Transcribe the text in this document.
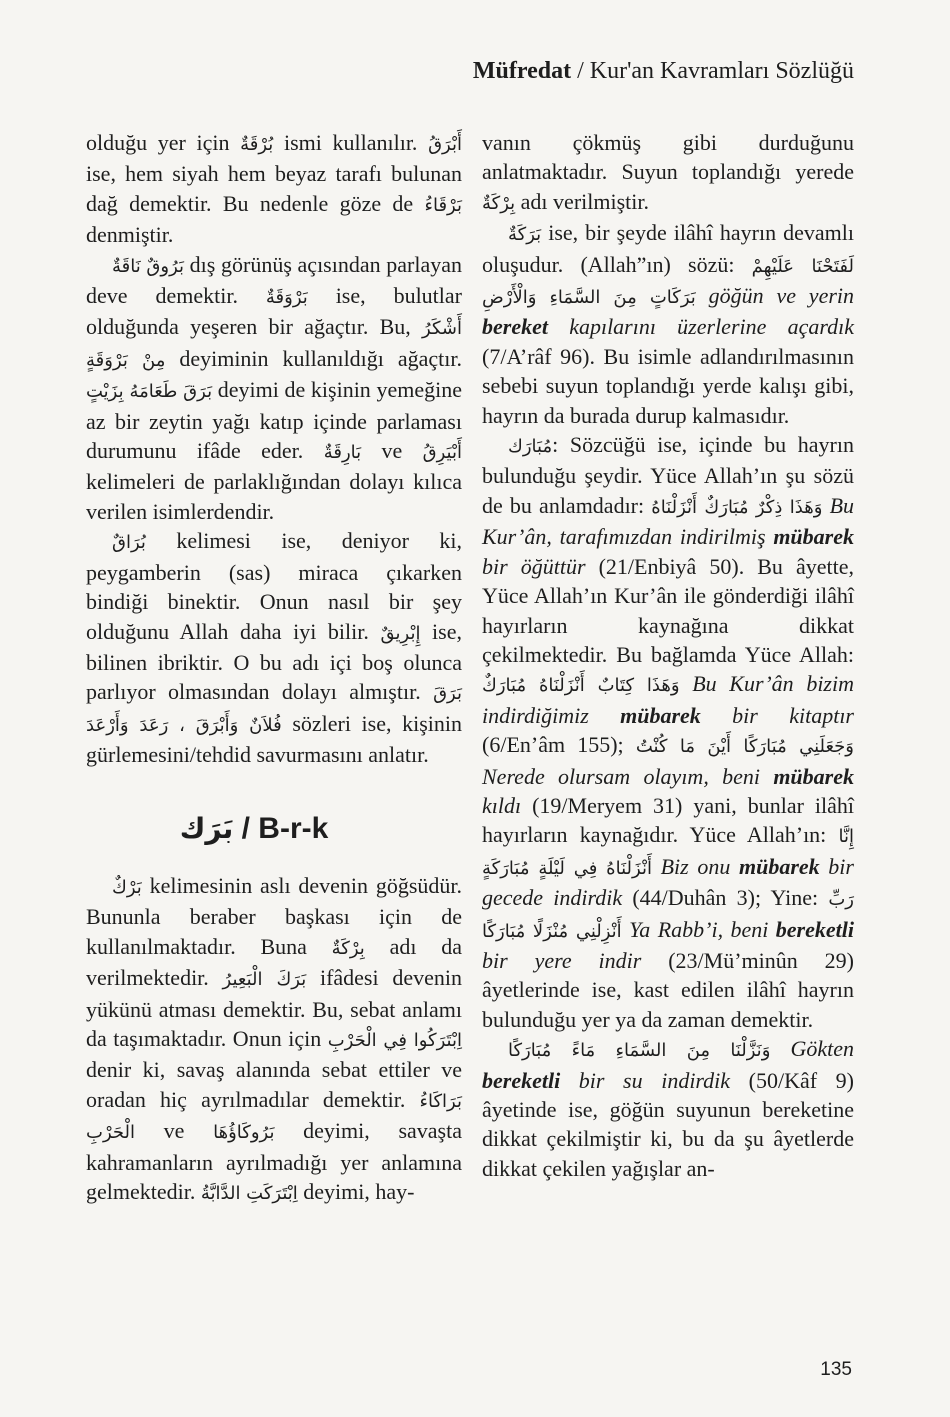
Müfredat / Kur'an Kavramları Sözlüğü

olduğu yer için بُرْقَةٌ ismi kullanılır. أَبْرَقُ ise, hem siyah hem beyaz tarafı bulunan dağ demektir. Bu nedenle göze de بَرْقَاءُ denmiştir.

نَاقَةٌ بَرُوقٌ dış görünüş açısından parlayan deve demektir. بَرْوَقَةٌ ise, bulutlar olduğunda yeşeren bir ağaçtır. Bu, أَشْكَرُ مِنْ بَرْوَقَةٍ deyiminin kullanıldığı ağaçtır. بَرَقَ طَعَامَهُ بِزَيْتٍ deyimi de kişinin yemeğine az bir zeytin yağı katıp içinde parlaması durumunu ifâde eder. بَارِقَةٌ ve أَبْيَرِقُ kelimeleri de parlaklığından dolayı kılıca verilen isimlerdendir.

بُرَاقٌ kelimesi ise, deniyor ki, peygamberin (sas) miraca çıkarken bindiği binektir. Onun nasıl bir şey olduğunu Allah daha iyi bilir. إِبْرِيقٌ ise, bilinen ibriktir. O bu adı içi boş olunca parlıyor olmasından dolayı almıştır. بَرَقَ فُلاَنٌ وَأَبْرَقَ ، رَعَدَ وَأَرْعَدَ sözleri ise, kişinin gürlemesini/tehdid savurmasını anlatır.

بَرَك / B-r-k

بَرْكٌ kelimesinin aslı devenin göğsüdür. Bununla beraber başkası için de kullanılmaktadır. Buna بِرْكَةٌ adı da verilmektedir. بَرَكَ الْبَعِيرُ ifâdesi devenin yükünü atması demektir. Bu, sebat anlamı da taşımaktadır. Onun için اِبْتَرَكُوا فِي الْحَرْبِ denir ki, savaş alanında sebat ettiler ve oradan hiç ayrılmadılar demektir. بَرَاكَاءُ الْحَرْبِ ve بَرُوكَاؤُهَا deyimi, savaşta kahramanların ayrılmadığı yer anlamına gelmektedir. اِبْتَرَكَتِ الدَّابَّةُ deyimi, hay-

vanın çökmüş gibi durduğunu anlatmaktadır. Suyun toplandığı yerede بِرْكَةٌ adı verilmiştir.

بَرَكَةٌ ise, bir şeyde ilâhî hayrın devamlı oluşudur. (Allah”ın) sözü: لَفَتَحْنَا عَلَيْهِمْ بَرَكَاتٍ مِنَ السَّمَاءِ وَالْأَرْضِ göğün ve yerin bereket kapılarını üzerlerine açardık (7/A’râf 96). Bu isimle adlandırılmasının sebebi suyun toplandığı yerde kalışı gibi, hayrın da burada durup kalmasıdır.

مُبَارَك: Sözcüğü ise, içinde bu hayrın bulunduğu şeydir. Yüce Allah’ın şu sözü de bu anlamdadır: وَهَذَا ذِكْرٌ مُبَارَكٌ أَنْزَلْنَاهُ Bu Kur’ân, tarafımızdan indirilmiş mübarek bir öğüttür (21/Enbiyâ 50). Bu âyette, Yüce Allah’ın Kur’ân ile gönderdiği ilâhî hayırların kaynağına dikkat çekilmektedir. Bu bağlamda Yüce Allah: وَهَذَا كِتَابٌ أَنْزَلْنَاهُ مُبَارَكٌ Bu Kur’ân bizim indirdiğimiz mübarek bir kitaptır (6/En’âm 155); وَجَعَلَنِي مُبَارَكًا أَيْنَ مَا كُنْتُ Nerede olursam olayım, beni mübarek kıldı (19/Meryem 31) yani, bunlar ilâhî hayırların kaynağıdır. Yüce Allah’ın: إِنَّا أَنْزَلْنَاهُ فِي لَيْلَةٍ مُبَارَكَةٍ Biz onu mübarek bir gecede indirdik (44/Duhân 3); Yine: رَبِّ أَنْزِلْنِي مُنْزَلًا مُبَارَكًا Ya Rabb’i, beni bereketli bir yere indir (23/Mü’minûn 29) âyetlerinde ise, kast edilen ilâhî hayrın bulunduğu yer ya da zaman demektir.

وَنَزَّلْنَا مِنَ السَّمَاءِ مَاءً مُبَارَكًا Gökten bereketli bir su indirdik (50/Kâf 9) âyetinde ise, göğün suyunun bereketine dikkat çekilmiştir ki, bu da şu âyetlerde dikkat çekilen yağışlar an-

135
